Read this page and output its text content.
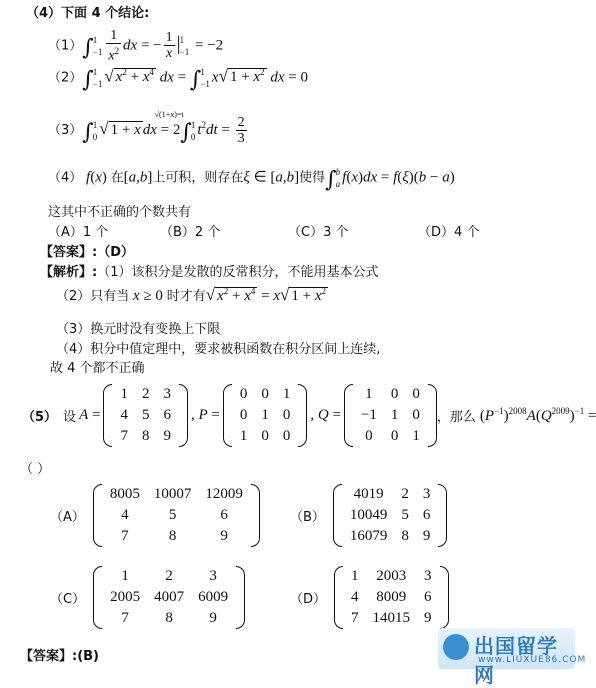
（4）下面 4 个结论:
（1）∫ 1
$-1 \frac{1}{x^2}$ dx = − $\frac{1}{x}$ | 1
−1 = −2
（2）∫ 1
−1 √ $x^2 + x^4$ dx = ∫ 1
−1 x√ $1 + x^2$ dx = 0
（3）∫ 1
0 √ 1 + x dx =
√(1+x)=t
2∫ 1
0 $t^2dt = \frac{2}{3}$
（4） f(x) 在[a,b]上可积，则存在ξ ∈ [a,b]使得∫ b
a f(x)dx = f(ξ)(b − a)
这其中不正确的个数共有
（A）1 个	（B）2 个	（C）3 个	（D）4 个
【答案】:（D）
【解析】:（1）该积分是发散的反常积分，不能用基本公式
（2）只有当 x ≥ 0 时才有√ $x^2 + x^4 = x√$ $1 + x^2$
（3）换元时没有变换上下限
（4）积分中值定理中，要求被积函数在积分区间上连续,
故 4 个都不正确
（5） 设 A =
1	2	3
4	5	6
7	8	9
, P =
0	0	1
0	1	0
1	0	0
, Q =
1	0	0
−1	1	0
0	0	1
，那么 $(P^{-1})^{2008}A(Q^{2009})^{-1}$ =
（ ）
（A）
8005	10007	12009
4	5	6
7	8	9
（B）
4019	2	3
10049	5	6
16079	8	9
（C）
1	2	3
2005	4007	6009
7	8	9
（D）
1	2003	3
4	8009	6
7	14015	9
【答案】:(B)	出国留学网
www.LIUXUE86.COM
